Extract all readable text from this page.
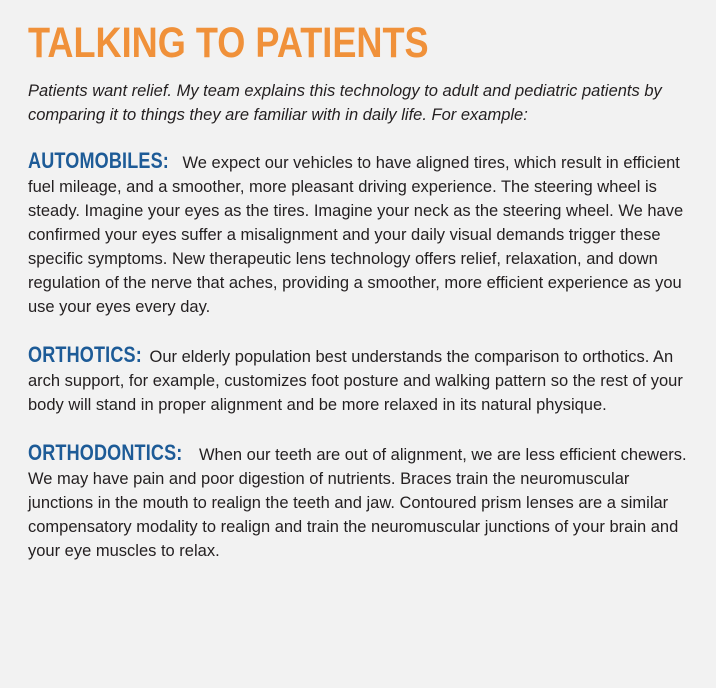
TALKING TO PATIENTS

Patients want relief. My team explains this technology to adult and pediatric patients by comparing it to things they are familiar with in daily life. For example:

AUTOMOBILES: We expect our vehicles to have aligned tires, which result in efficient fuel mileage, and a smoother, more pleasant driving experience. The steering wheel is steady. Imagine your eyes as the tires. Imagine your neck as the steering wheel. We have confirmed your eyes suffer a misalignment and your daily visual demands trigger these specific symptoms. New therapeutic lens technology offers relief, relaxation, and down regulation of the nerve that aches, providing a smoother, more efficient experience as you use your eyes every day.

ORTHOTICS: Our elderly population best understands the comparison to orthotics. An arch support, for example, customizes foot posture and walking pattern so the rest of your body will stand in proper alignment and be more relaxed in its natural physique.

ORTHODONTICS: When our teeth are out of alignment, we are less efficient chewers. We may have pain and poor digestion of nutrients. Braces train the neuromuscular junctions in the mouth to realign the teeth and jaw. Contoured prism lenses are a similar compensatory modality to realign and train the neuromuscular junctions of your brain and your eye muscles to relax.
